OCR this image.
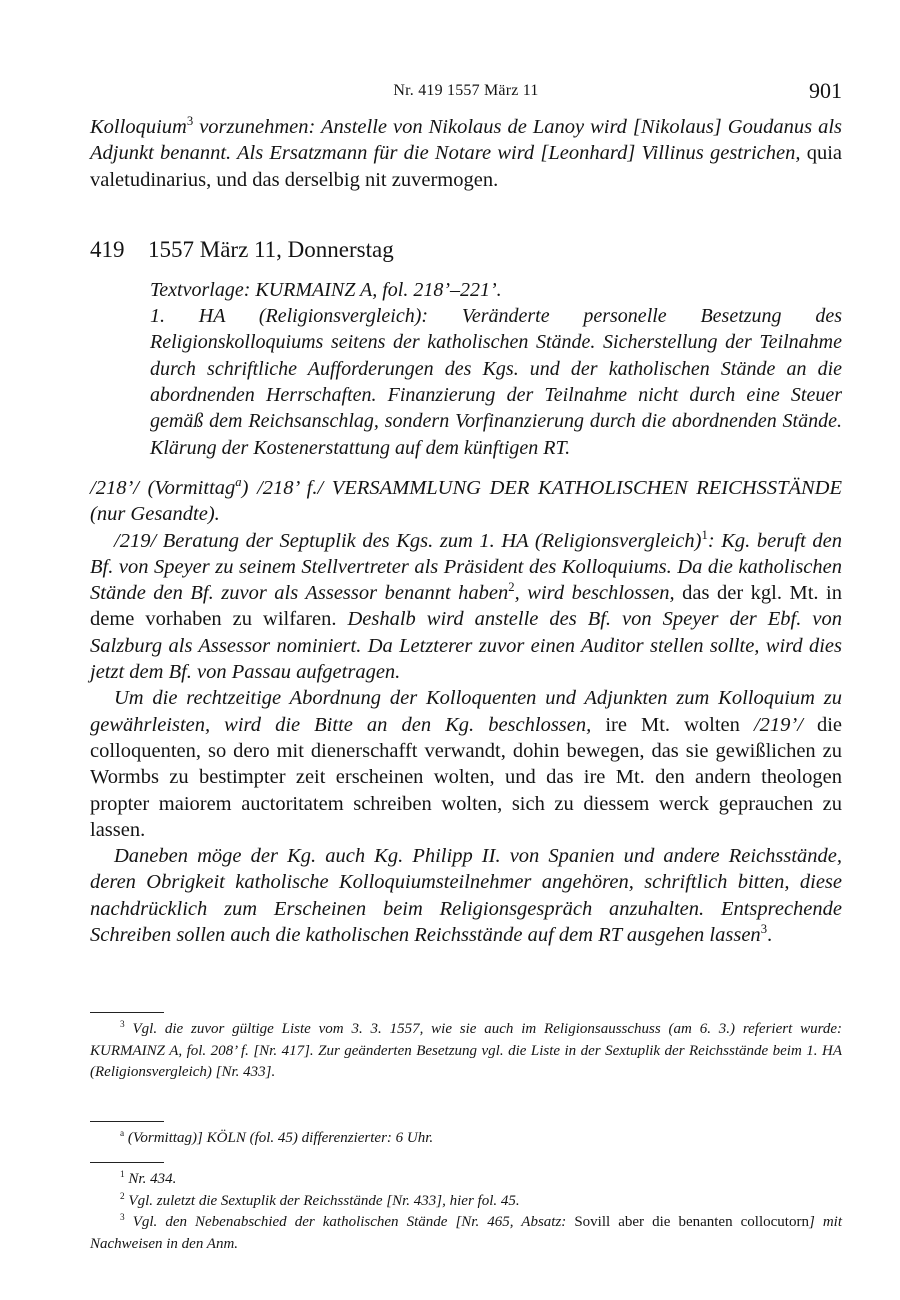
Nr. 419 1557 März 11	901

Kolloquium$^3$ vorzunehmen: Anstelle von Nikolaus de Lanoy wird [Nikolaus] Goudanus als Adjunkt benannt. Als Ersatzmann für die Notare wird [Leonhard] Villinus gestrichen, quia valetudinarius, und das derselbig nit zuvermogen.

419 1557 März 11, Donnerstag

Textvorlage: KURMAINZ A, fol. 218’–221’.

1. HA (Religionsvergleich): Veränderte personelle Besetzung des Religionskolloquiums seitens der katholischen Stände. Sicherstellung der Teilnahme durch schriftliche Aufforderungen des Kgs. und der katholischen Stände an die abordnenden Herrschaften. Finanzierung der Teilnahme nicht durch eine Steuer gemäß dem Reichsanschlag, sondern Vorfinanzierung durch die abordnenden Stände. Klärung der Kostenerstattung auf dem künftigen RT.

/218’/ (Vormittag$^a$) /218’ f./ VERSAMMLUNG DER KATHOLISCHEN REICHSSTÄNDE (nur Gesandte).

/219/ Beratung der Septuplik des Kgs. zum 1. HA (Religionsvergleich)$^1$: Kg. beruft den Bf. von Speyer zu seinem Stellvertreter als Präsident des Kolloquiums. Da die katholischen Stände den Bf. zuvor als Assessor benannt haben$^2$, wird beschlossen, das der kgl. Mt. in deme vorhaben zu wilfaren. Deshalb wird anstelle des Bf. von Speyer der Ebf. von Salzburg als Assessor nominiert. Da Letzterer zuvor einen Auditor stellen sollte, wird dies jetzt dem Bf. von Passau aufgetragen.

Um die rechtzeitige Abordnung der Kolloquenten und Adjunkten zum Kolloquium zu gewährleisten, wird die Bitte an den Kg. beschlossen, ire Mt. wolten /219’/ die colloquenten, so dero mit dienerschafft verwandt, dohin bewegen, das sie gewißlichen zu Wormbs zu bestimpter zeit erscheinen wolten, und das ire Mt. den andern theologen propter maiorem auctoritatem schreiben wolten, sich zu diessem werck geprauchen zu lassen.

Daneben möge der Kg. auch Kg. Philipp II. von Spanien und andere Reichsstände, deren Obrigkeit katholische Kolloquiumsteilnehmer angehören, schriftlich bitten, diese nachdrücklich zum Erscheinen beim Religionsgespräch anzuhalten. Entsprechende Schreiben sollen auch die katholischen Reichsstände auf dem RT ausgehen lassen$^3$.

$^3$ Vgl. die zuvor gültige Liste vom 3. 3. 1557, wie sie auch im Religionsausschuss (am 6. 3.) referiert wurde: KURMAINZ A, fol. 208’ f. [Nr. 417]. Zur geänderten Besetzung vgl. die Liste in der Sextuplik der Reichsstände beim 1. HA (Religionsvergleich) [Nr. 433].

$^a$ (Vormittag)] KÖLN (fol. 45) differenzierter: 6 Uhr.

$^1$ Nr. 434.

$^2$ Vgl. zuletzt die Sextuplik der Reichsstände [Nr. 433], hier fol. 45.

$^3$ Vgl. den Nebenabschied der katholischen Stände [Nr. 465, Absatz: Sovill aber die benanten collocutorn] mit Nachweisen in den Anm.
